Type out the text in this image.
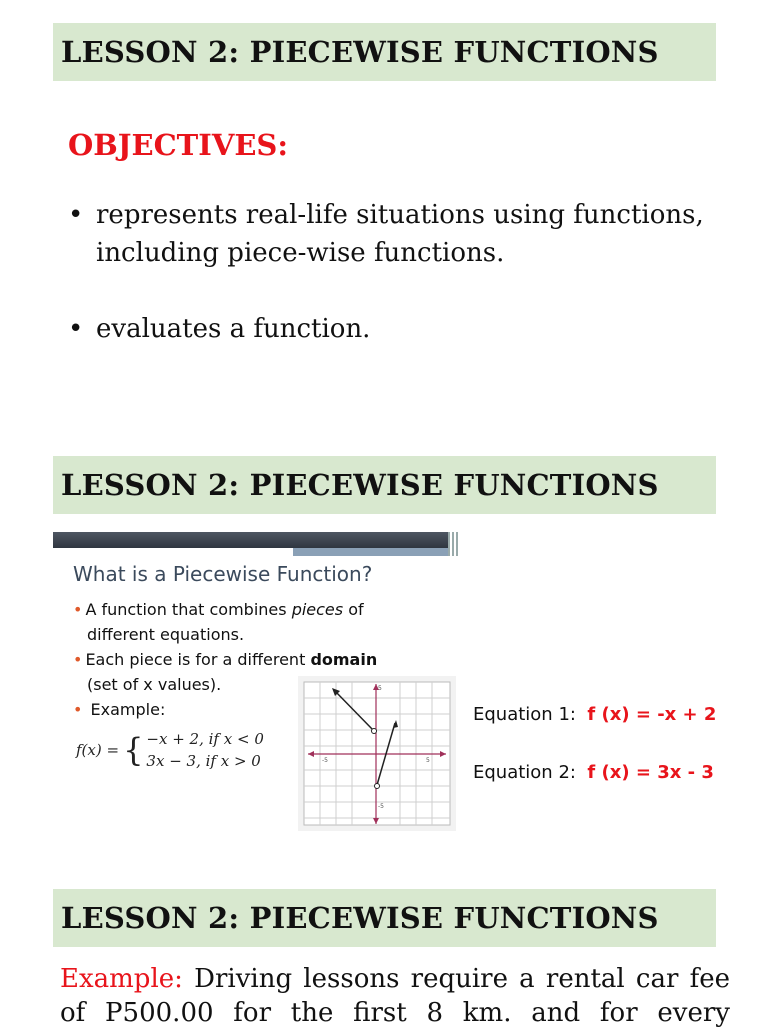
LESSON 2: PIECEWISE FUNCTIONS
OBJECTIVES:
• represents real-life situations using functions, including piece-wise functions.
• evaluates a function.
LESSON 2: PIECEWISE FUNCTIONS
What is a Piecewise Function?
• A function that combines pieces of
different equations.
• Each piece is for a different domain
(set of x values).
• Example:
f(x) =	{	−x + 2, if x < 0
3x − 3, if x > 0
5
-5
-5	5
Equation 1: f (x) = -x + 2
Equation 2: f (x) = 3x - 3
LESSON 2: PIECEWISE FUNCTIONS
Example: Driving lessons require a rental car fee of P500.00 for the first 8 km. and for every
